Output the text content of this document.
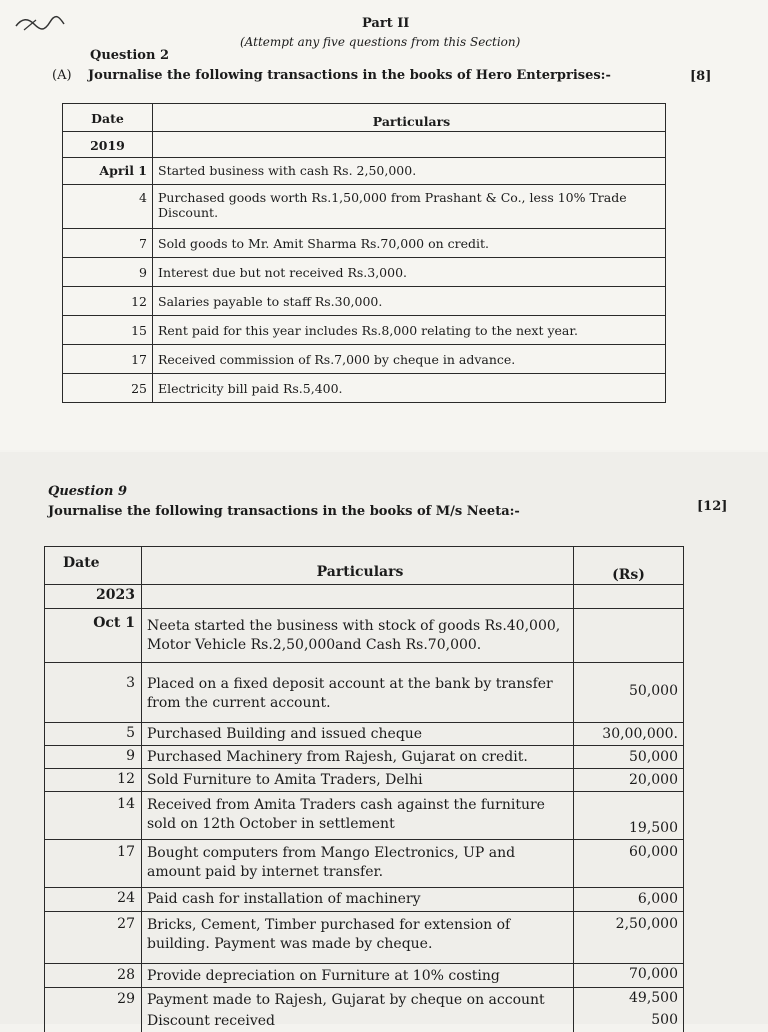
Part II
(Attempt any five questions from this Section)
Question 2
(A) Journalise the following transactions in the books of Hero Enterprises:-	[8]
Date	Particulars
2019	
April 1	Started business with cash Rs. 2,50,000.
4	Purchased goods worth Rs.1,50,000 from Prashant & Co., less 10% Trade Discount.
7	Sold goods to Mr. Amit Sharma Rs.70,000 on credit.
9	Interest due but not received Rs.3,000.
12	Salaries payable to staff Rs.30,000.
15	Rent paid for this year includes Rs.8,000 relating to the next year.
17	Received commission of Rs.7,000 by cheque in advance.
25	Electricity bill paid Rs.5,400.
Question 9
Journalise the following transactions in the books of M/s Neeta:-	[12]
Date	Particulars	(Rs)
2023		
Oct 1	Neeta started the business with stock of goods Rs.40,000, Motor Vehicle Rs.2,50,000and Cash Rs.70,000.	
3	Placed on a fixed deposit account at the bank by transfer from the current account.	50,000
5	Purchased Building and issued cheque	30,00,000.
9	Purchased Machinery from Rajesh, Gujarat on credit.	50,000
12	Sold Furniture to Amita Traders, Delhi	20,000
14	Received from Amita Traders cash against the furniture sold on 12th October in settlement	19,500
17	Bought computers from Mango Electronics, UP and amount paid by internet transfer.	60,000
24	Paid cash for installation of machinery	6,000
27	Bricks, Cement, Timber purchased for extension of building. Payment was made by cheque.	2,50,000
28	Provide depreciation on Furniture at 10% costing	70,000
29	Payment made to Rajesh, Gujarat by cheque on account	49,500
	Discount received	500
